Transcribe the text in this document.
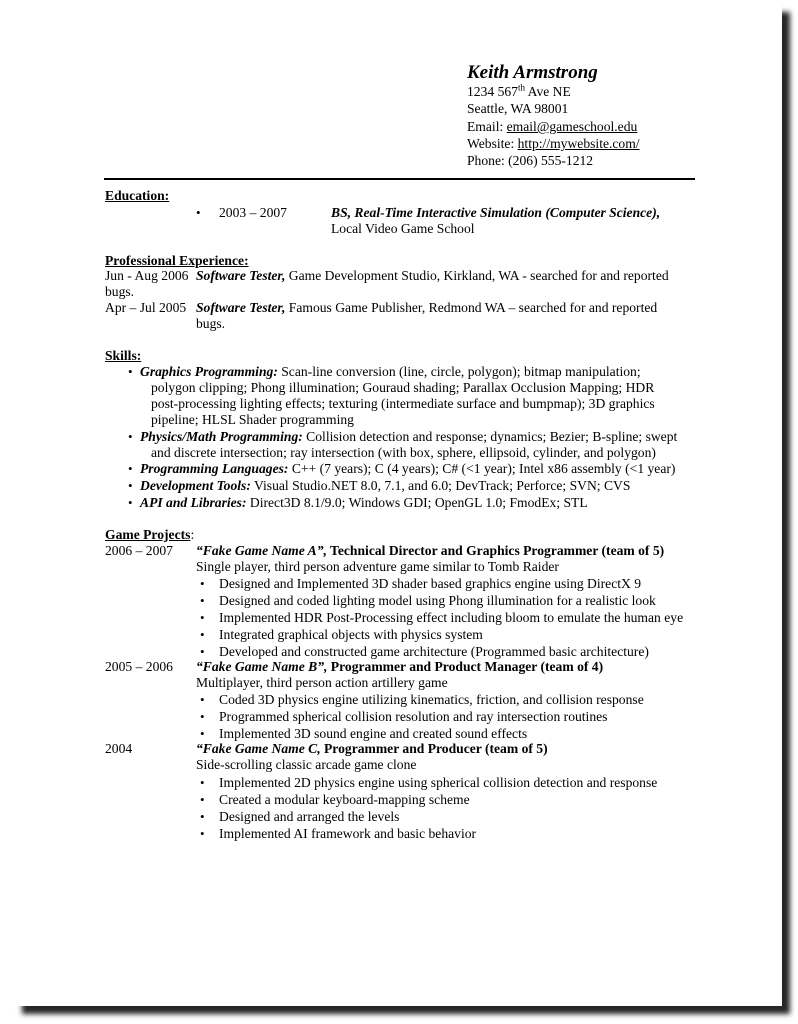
Keith Armstrong
1234 567th Ave NE
Seattle, WA 98001
Email: email@gameschool.edu
Website: http://mywebsite.com/
Phone: (206) 555-1212
Education:
• 2003 – 2007	BS, Real-Time Interactive Simulation (Computer Science),
Local Video Game School
Professional Experience:
Jun - Aug 2006 Software Tester, Game Development Studio, Kirkland, WA - searched for and reported
bugs.
Apr – Jul 2005 Software Tester, Famous Game Publisher, Redmond WA – searched for and reported
bugs.
Skills:
• Graphics Programming: Scan-line conversion (line, circle, polygon); bitmap manipulation;
polygon clipping; Phong illumination; Gouraud shading; Parallax Occlusion Mapping; HDR
post-processing lighting effects; texturing (intermediate surface and bumpmap); 3D graphics
pipeline; HLSL Shader programming
• Physics/Math Programming: Collision detection and response; dynamics; Bezier; B-spline; swept
and discrete intersection; ray intersection (with box, sphere, ellipsoid, cylinder, and polygon)
• Programming Languages: C++ (7 years); C (4 years); C# (<1 year); Intel x86 assembly (<1 year)
• Development Tools: Visual Studio.NET 8.0, 7.1, and 6.0; DevTrack; Perforce; SVN; CVS
• API and Libraries: Direct3D 8.1/9.0; Windows GDI; OpenGL 1.0; FmodEx; STL
Game Projects:
2006 – 2007 “Fake Game Name A”, Technical Director and Graphics Programmer (team of 5)
Single player, third person adventure game similar to Tomb Raider
• Designed and Implemented 3D shader based graphics engine using DirectX 9
• Designed and coded lighting model using Phong illumination for a realistic look
• Implemented HDR Post-Processing effect including bloom to emulate the human eye
• Integrated graphical objects with physics system
• Developed and constructed game architecture (Programmed basic architecture)
2005 – 2006 “Fake Game Name B”, Programmer and Product Manager (team of 4)
Multiplayer, third person action artillery game
• Coded 3D physics engine utilizing kinematics, friction, and collision response
• Programmed spherical collision resolution and ray intersection routines
• Implemented 3D sound engine and created sound effects
2004	“Fake Game Name C, Programmer and Producer (team of 5)
Side-scrolling classic arcade game clone
• Implemented 2D physics engine using spherical collision detection and response
• Created a modular keyboard-mapping scheme
• Designed and arranged the levels
• Implemented AI framework and basic behavior
